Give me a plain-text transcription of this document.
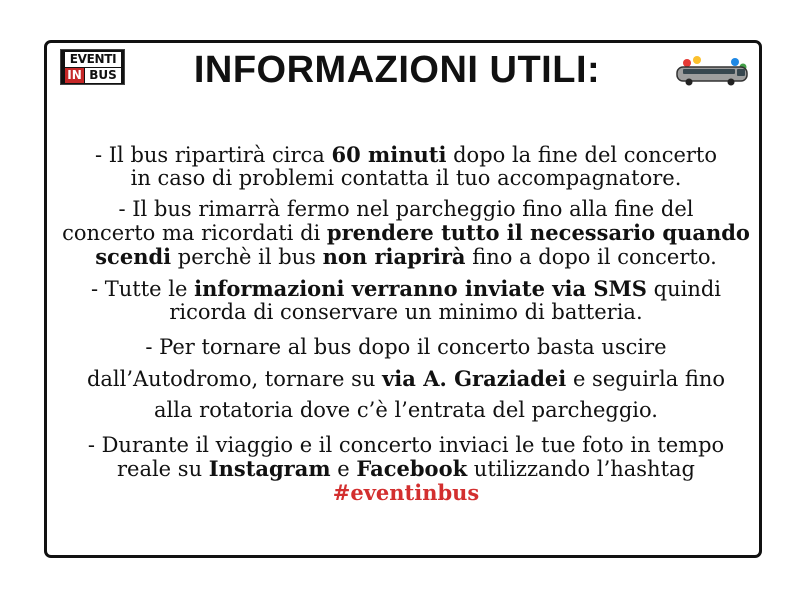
EVENTI
IN BUS	INFORMAZIONI UTILI:
- Il bus ripartirà circa 60 minuti dopo la fine del concerto
in caso di problemi contatta il tuo accompagnatore.
- Il bus rimarrà fermo nel parcheggio fino alla fine del
concerto ma ricordati di prendere tutto il necessario quando
scendi perchè il bus non riaprirà fino a dopo il concerto.
- Tutte le informazioni verranno inviate via SMS quindi
ricorda di conservare un minimo di batteria.
- Per tornare al bus dopo il concerto basta uscire
dall’Autodromo, tornare su via A. Graziadei e seguirla fino
alla rotatoria dove c’è l’entrata del parcheggio.
- Durante il viaggio e il concerto inviaci le tue foto in tempo
reale su Instagram e Facebook utilizzando l’hashtag
#eventinbus
